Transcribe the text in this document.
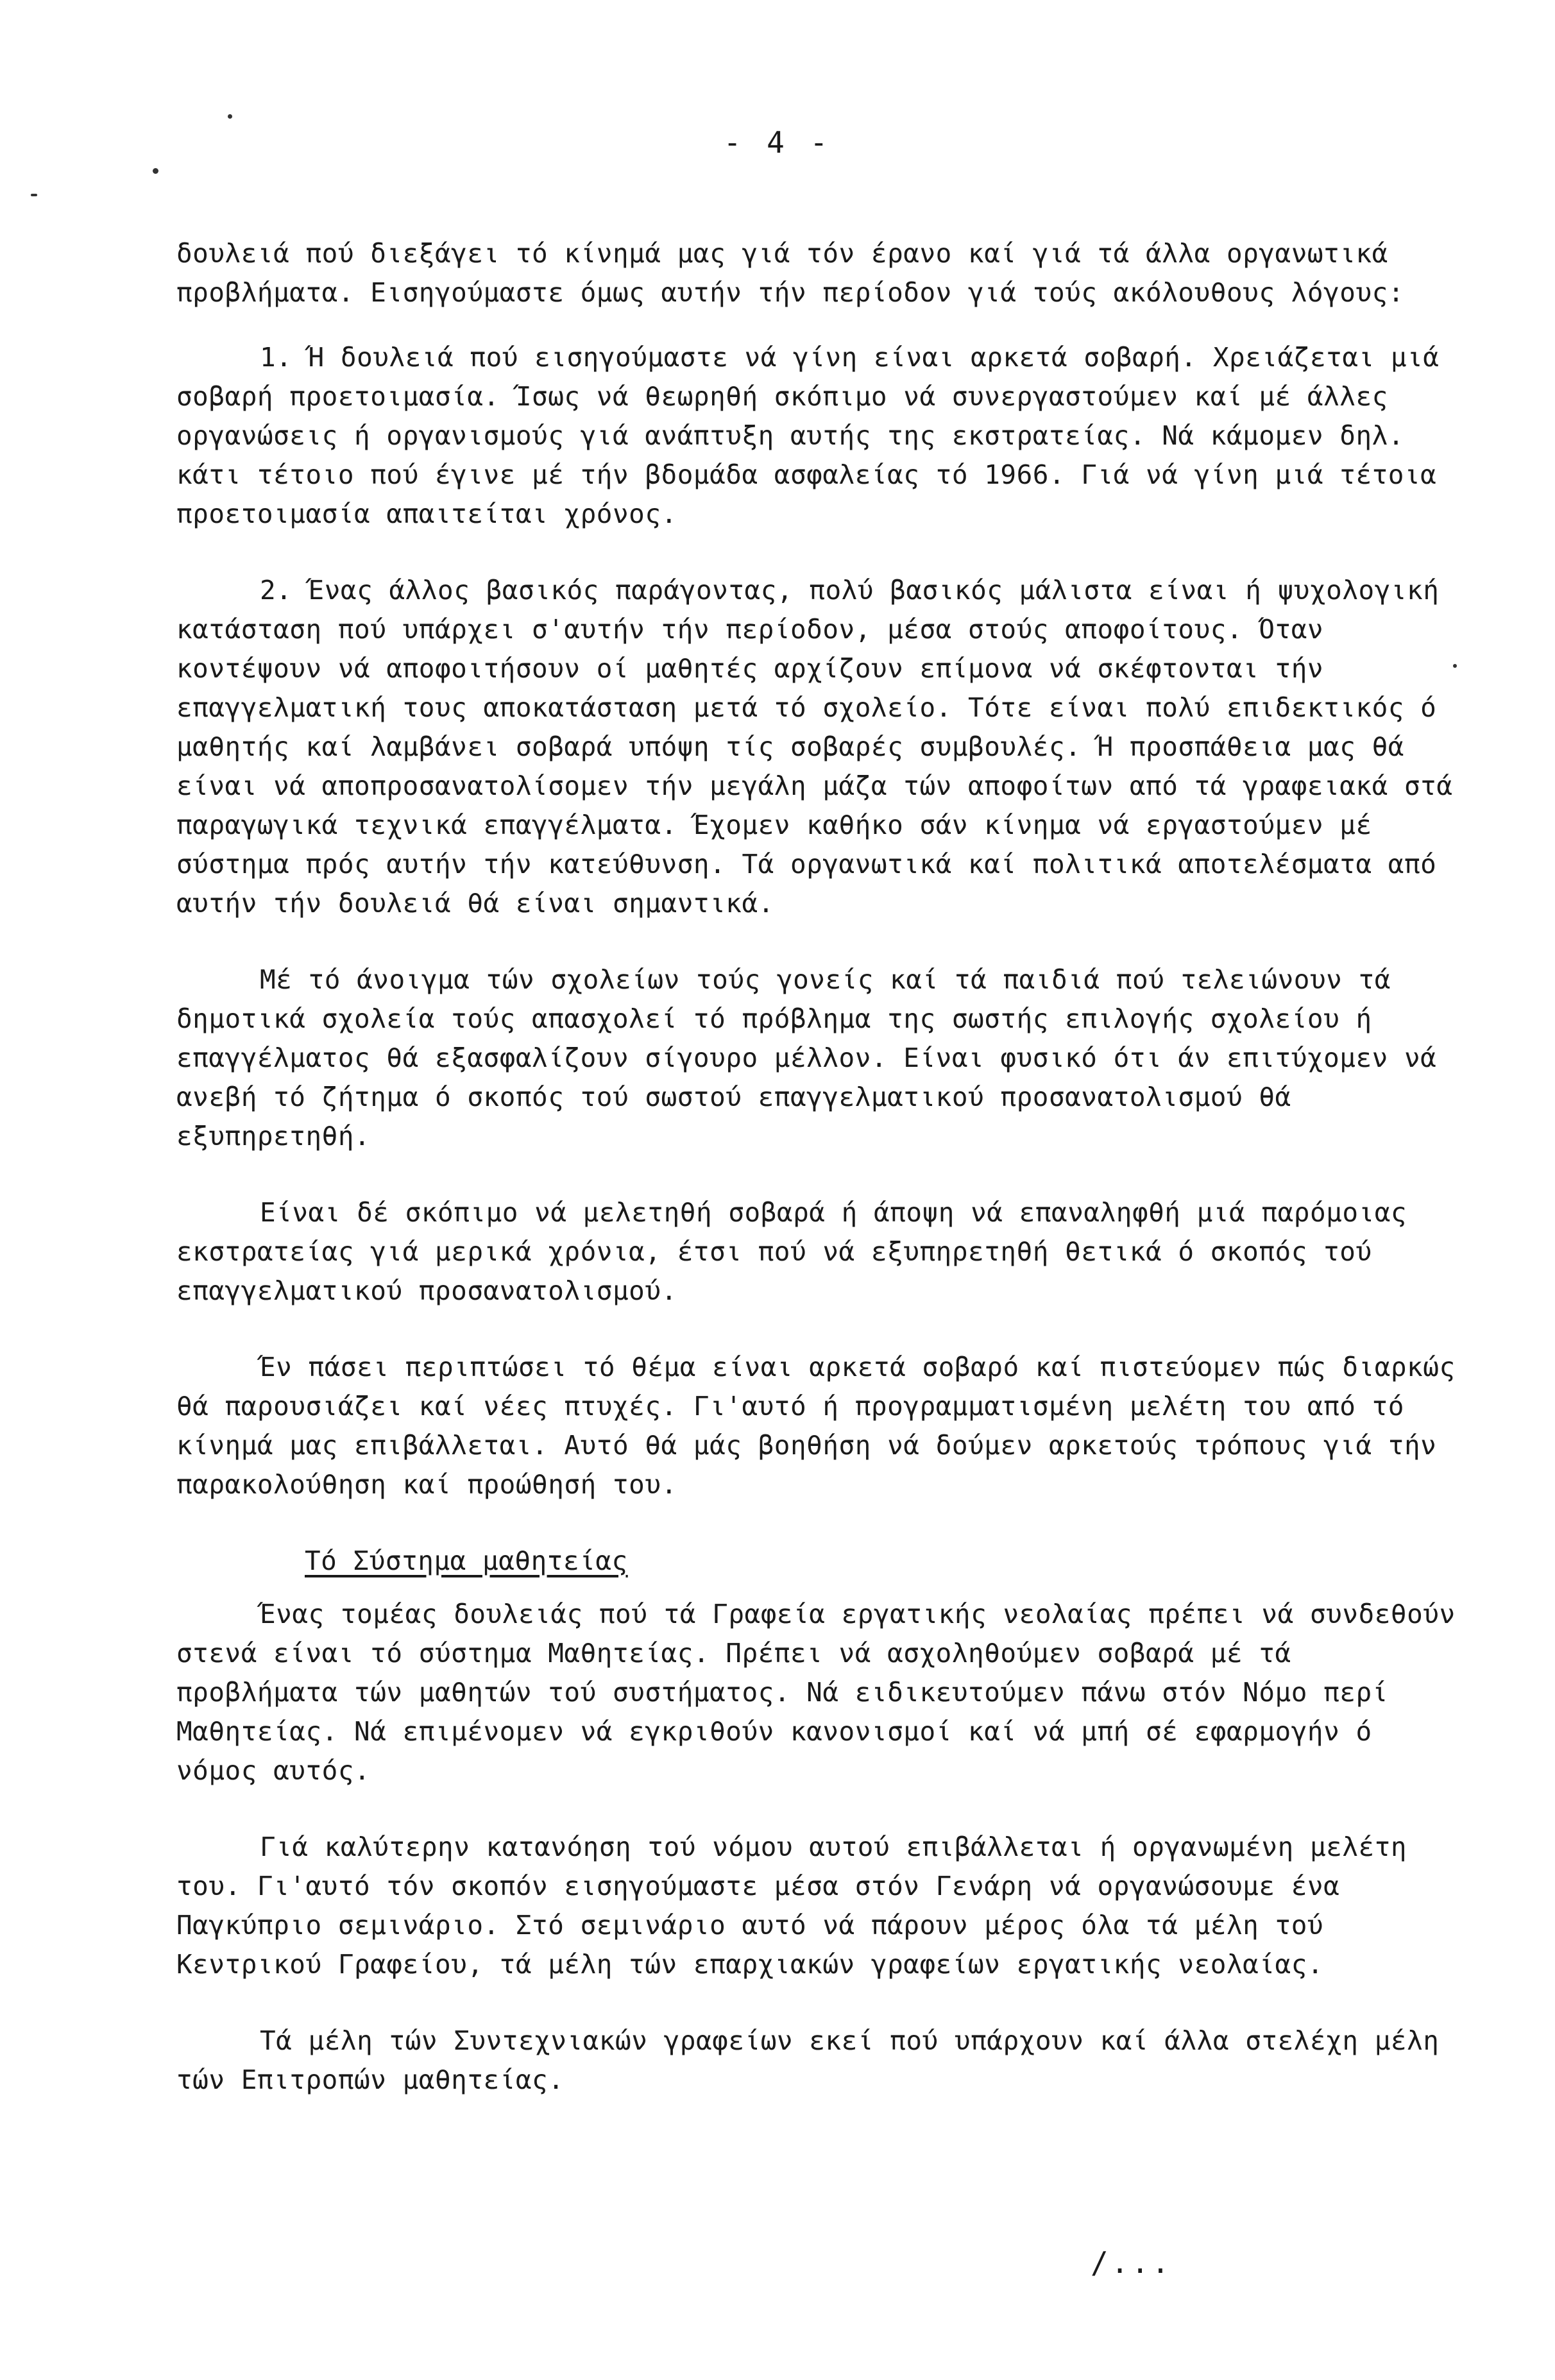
- 4 -

δουλειά πού διεξάγει τό κίνημά μας γιά τόν έρανο καί γιά τά άλλα οργανωτικά προβλήματα. Εισηγούμαστε όμως αυτήν τήν περίοδον γιά τούς ακόλουθους λόγους:

1. Ή δουλειά πού εισηγούμαστε νά γίνη είναι αρκετά σοβαρή. Χρειάζεται μιά σοβαρή προετοιμασία. Ίσως νά θεωρηθή σκόπιμο νά συνεργαστούμεν καί μέ άλλες οργανώσεις ή οργανισμούς γιά ανάπτυξη αυτής της εκστρατείας. Νά κάμομεν δηλ. κάτι τέτοιο πού έγινε μέ τήν βδομάδα ασφαλείας τό 1966. Γιά νά γίνη μιά τέτοια προετοιμασία απαιτείται χρόνος.

2. Ένας άλλος βασικός παράγοντας, πολύ βασικός μάλιστα είναι ή ψυχολογική κατάσταση πού υπάρχει σ'αυτήν τήν περίοδον, μέσα στούς αποφοίτους. Όταν κοντέψουν νά αποφοιτήσουν οί μαθητές αρχίζουν επίμονα νά σκέφτονται τήν επαγγελματική τους αποκατάσταση μετά τό σχολείο. Τότε είναι πολύ επιδεκτικός ό μαθητής καί λαμβάνει σοβαρά υπόψη τίς σοβαρές συμβουλές. Ή προσπάθεια μας θά είναι νά αποπροσανατολίσομεν τήν μεγάλη μάζα τών αποφοίτων από τά γραφειακά στά παραγωγικά τεχνικά επαγγέλματα. Έχομεν καθήκο σάν κίνημα νά εργαστούμεν μέ σύστημα πρός αυτήν τήν κατεύθυνση. Τά οργανωτικά καί πολιτικά αποτελέσματα από αυτήν τήν δουλειά θά είναι σημαντικά.

Μέ τό άνοιγμα τών σχολείων τούς γονείς καί τά παιδιά πού τελειώνουν τά δημοτικά σχολεία τούς απασχολεί τό πρόβλημα της σωστής επιλογής σχολείου ή επαγγέλματος θά εξασφαλίζουν σίγουρο μέλλον. Είναι φυσικό ότι άν επιτύχομεν νά ανεβή τό ζήτημα ό σκοπός τού σωστού επαγγελματικού προσανατολισμού θά εξυπηρετηθή.

Είναι δέ σκόπιμο νά μελετηθή σοβαρά ή άποψη νά επαναληφθή μιά παρόμοιας εκστρατείας γιά μερικά χρόνια, έτσι πού νά εξυπηρετηθή θετικά ό σκοπός τού επαγγελματικού προσανατολισμού.

Έν πάσει περιπτώσει τό θέμα είναι αρκετά σοβαρό καί πιστεύομεν πώς διαρκώς θά παρουσιάζει καί νέες πτυχές. Γι'αυτό ή προγραμματισμένη μελέτη του από τό κίνημά μας επιβάλλεται. Αυτό θά μάς βοηθήση νά δούμεν αρκετούς τρόπους γιά τήν παρακολούθηση καί προώθησή του.

Τό Σύστημα μαθητείας

Ένας τομέας δουλειάς πού τά Γραφεία εργατικής νεολαίας πρέπει νά συνδεθούν στενά είναι τό σύστημα Μαθητείας. Πρέπει νά ασχοληθούμεν σοβαρά μέ τά προβλήματα τών μαθητών τού συστήματος. Νά ειδικευτούμεν πάνω στόν Νόμο περί Μαθητείας. Νά επιμένομεν νά εγκριθούν κανονισμοί καί νά μπή σέ εφαρμογήν ό νόμος αυτός.

Γιά καλύτερην κατανόηση τού νόμου αυτού επιβάλλεται ή οργανωμένη μελέτη του. Γι'αυτό τόν σκοπόν εισηγούμαστε μέσα στόν Γενάρη νά οργανώσουμε ένα Παγκύπριο σεμινάριο. Στό σεμινάριο αυτό νά πάρουν μέρος όλα τά μέλη τού Κεντρικού Γραφείου, τά μέλη τών επαρχιακών γραφείων εργατικής νεολαίας.

Τά μέλη τών Συντεχνιακών γραφείων εκεί πού υπάρχουν καί άλλα στελέχη μέλη τών Επιτροπών μαθητείας.

/...
